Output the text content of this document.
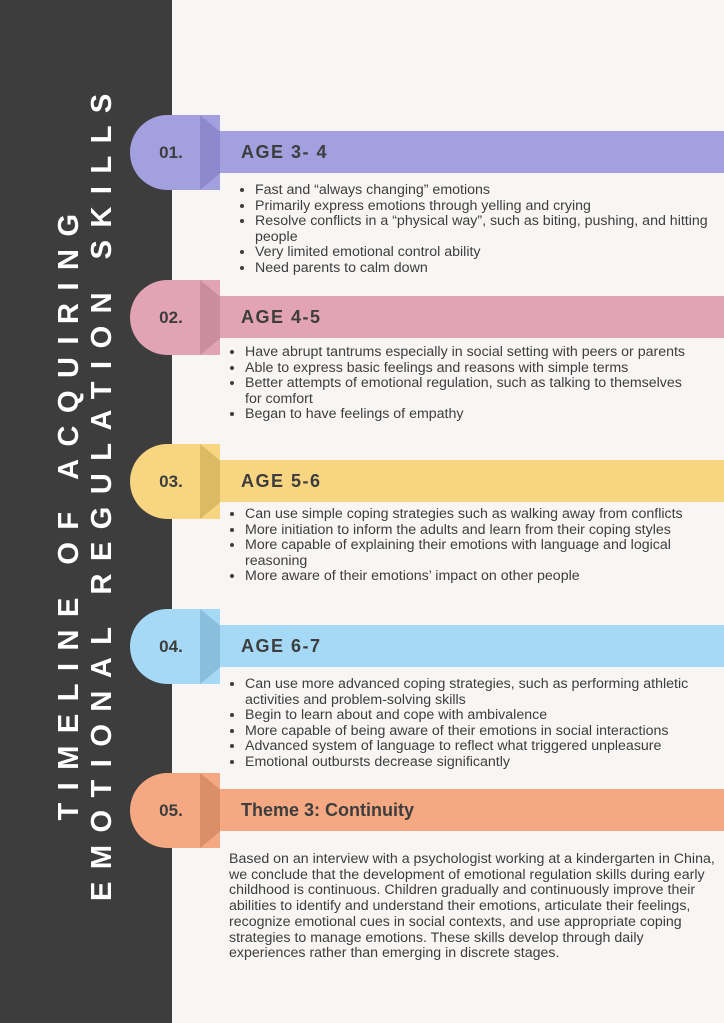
TIMELINE OF ACQUIRING EMOTIONAL REGULATION SKILLS	01.	AGE 3- 4
• Fast and “always changing” emotions
• Primarily express emotions through yelling and crying
• Resolve conflicts in a “physical way”, such as biting, pushing, and hitting people
• Very limited emotional control ability
• Need parents to calm down
02.	AGE 4-5
• Have abrupt tantrums especially in social setting with peers or parents
• Able to express basic feelings and reasons with simple terms
• Better attempts of emotional regulation, such as talking to themselves for comfort
• Began to have feelings of empathy
03.	AGE 5-6
• Can use simple coping strategies such as walking away from conflicts
• More initiation to inform the adults and learn from their coping styles
• More capable of explaining their emotions with language and logical reasoning
• More aware of their emotions’ impact on other people
04.	AGE 6-7
• Can use more advanced coping strategies, such as performing athletic activities and problem-solving skills
• Begin to learn about and cope with ambivalence
• More capable of being aware of their emotions in social interactions
• Advanced system of language to reflect what triggered unpleasure
• Emotional outbursts decrease significantly
05.	Theme 3: Continuity

Based on an interview with a psychologist working at a kindergarten in China, we conclude that the development of emotional regulation skills during early childhood is continuous. Children gradually and continuously improve their abilities to identify and understand their emotions, articulate their feelings, recognize emotional cues in social contexts, and use appropriate coping strategies to manage emotions. These skills develop through daily experiences rather than emerging in discrete stages.
